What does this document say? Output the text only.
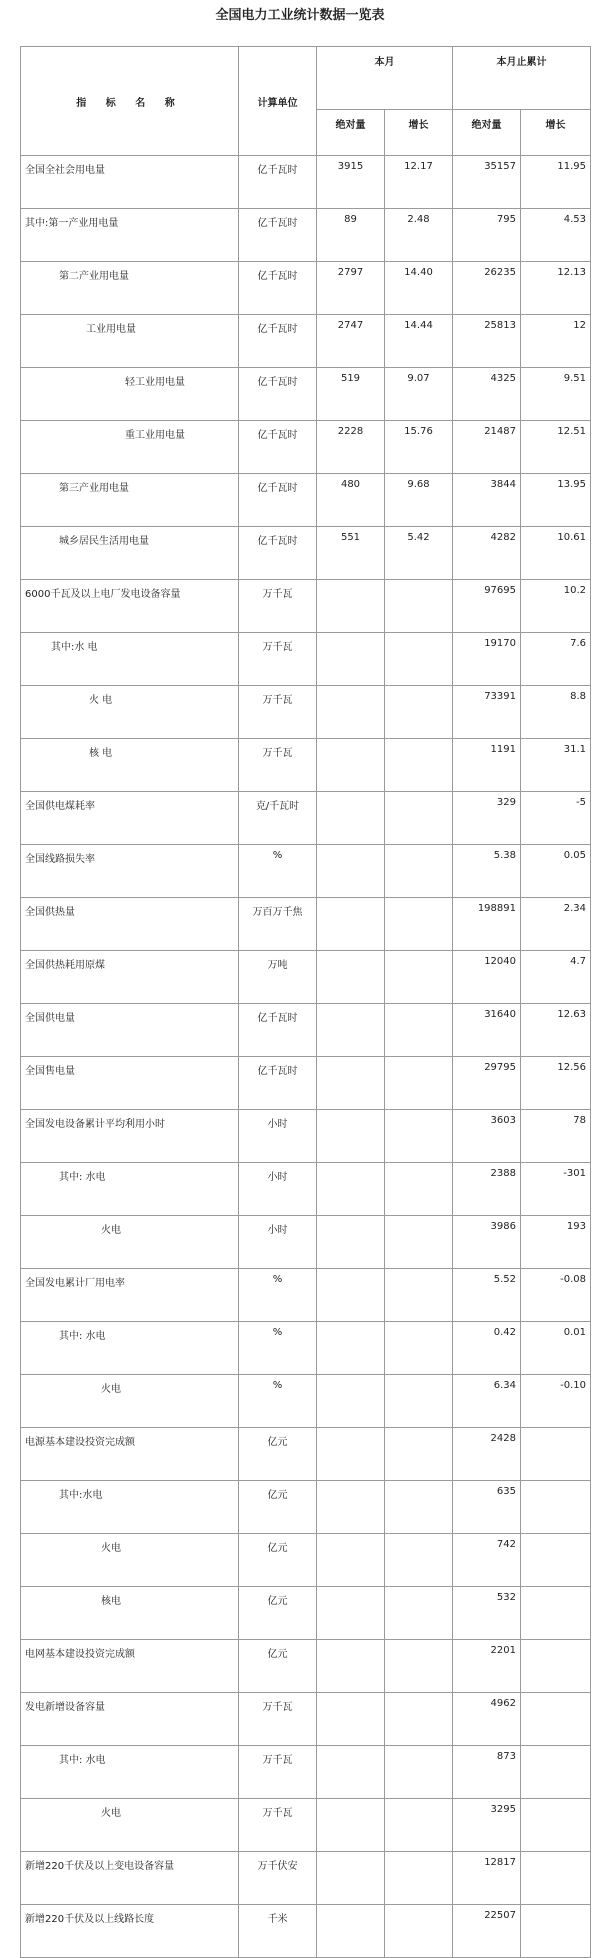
全国电力工业统计数据一览表
指 标 名 称	计算单位	本月		本月止累计	
		绝对量	增长	绝对量	增长
全国全社会用电量	亿千瓦时	3915	12.17	35157	11.95
其中:第一产业用电量	亿千瓦时	89	2.48	795	4.53
第二产业用电量	亿千瓦时	2797	14.40	26235	12.13
工业用电量	亿千瓦时	2747	14.44	25813	12
轻工业用电量	亿千瓦时	519	9.07	4325	9.51
重工业用电量	亿千瓦时	2228	15.76	21487	12.51
第三产业用电量	亿千瓦时	480	9.68	3844	13.95
城乡居民生活用电量	亿千瓦时	551	5.42	4282	10.61
6000千瓦及以上电厂发电设备容量	万千瓦			97695	10.2
其中:水 电	万千瓦			19170	7.6
火 电	万千瓦			73391	8.8
核 电	万千瓦			1191	31.1
全国供电煤耗率	克/千瓦时			329	-5
全国线路损失率	%			5.38	0.05
全国供热量	万百万千焦			198891	2.34
全国供热耗用原煤	万吨			12040	4.7
全国供电量	亿千瓦时			31640	12.63
全国售电量	亿千瓦时			29795	12.56
全国发电设备累计平均利用小时	小时			3603	78
其中: 水电	小时			2388	-301
火电	小时			3986	193
全国发电累计厂用电率	%			5.52	-0.08
其中: 水电	%			0.42	0.01
火电	%			6.34	-0.10
电源基本建设投资完成额	亿元			2428	
其中:水电	亿元			635	
火电	亿元			742	
核电	亿元			532	
电网基本建设投资完成额	亿元			2201	
发电新增设备容量	万千瓦			4962	
其中: 水电	万千瓦			873	
火电	万千瓦			3295	
新增220千伏及以上变电设备容量	万千伏安			12817	
新增220千伏及以上线路长度	千米			22507	
